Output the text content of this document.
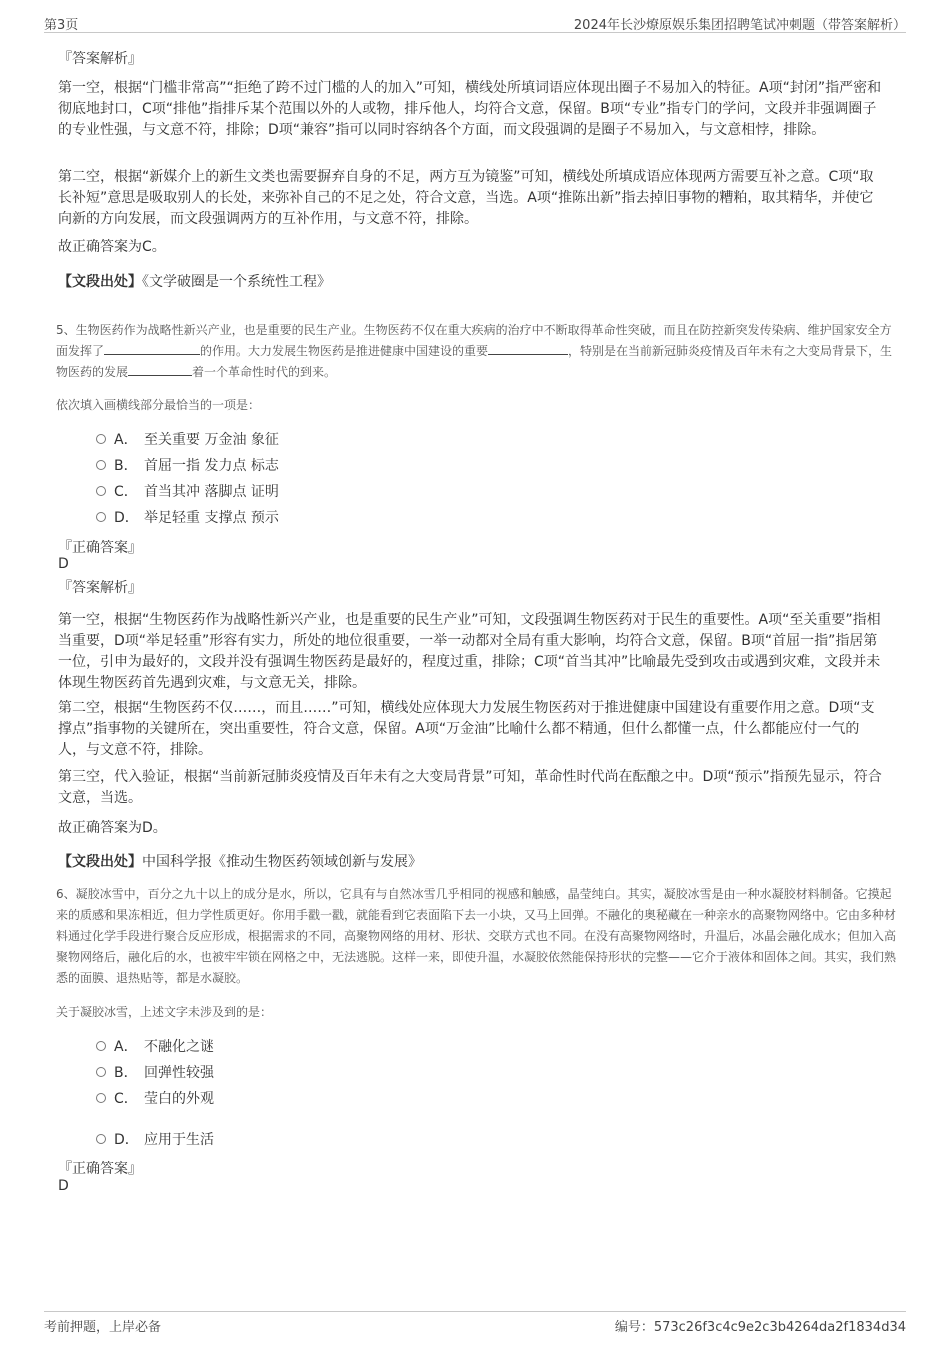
第3页	2024年长沙燎原娱乐集团招聘笔试冲刺题（带答案解析）
『答案解析』
第一空，根据“门槛非常高”“拒绝了跨不过门槛的人的加入”可知，横线处所填词语应体现出圈子不易加入的特征。A项“封闭”指严密和彻底地封口，C项“排他”指排斥某个范围以外的人或物，排斥他人，均符合文意，保留。B项“专业”指专门的学问，文段并非强调圈子的专业性强，与文意不符，排除；D项“兼容”指可以同时容纳各个方面，而文段强调的是圈子不易加入，与文意相悖，排除。
第二空，根据“新媒介上的新生文类也需要摒弃自身的不足，两方互为镜鉴”可知，横线处所填成语应体现两方需要互补之意。C项“取长补短”意思是吸取别人的长处，来弥补自己的不足之处，符合文意，当选。A项“推陈出新”指去掉旧事物的糟粕，取其精华，并使它向新的方向发展，而文段强调两方的互补作用，与文意不符，排除。
故正确答案为C。
【文段出处】《文学破圈是一个系统性工程》
5、生物医药作为战略性新兴产业，也是重要的民生产业。生物医药不仅在重大疾病的治疗中不断取得革命性突破，而且在防控新突发传染病、维护国家安全方面发挥了	的作用。大力发展生物医药是推进健康中国建设的重要	，特别是在当前新冠肺炎疫情及百年未有之大变局背景下，生物医药的发展	着一个革命性时代的到来。
依次填入画横线部分最恰当的一项是：
A． 至关重要 万金油 象征
B． 首屈一指 发力点 标志
C． 首当其冲 落脚点 证明
D． 举足轻重 支撑点 预示
『正确答案』
D
『答案解析』
第一空，根据“生物医药作为战略性新兴产业，也是重要的民生产业”可知，文段强调生物医药对于民生的重要性。A项“至关重要”指相当重要，D项“举足轻重”形容有实力，所处的地位很重要，一举一动都对全局有重大影响，均符合文意，保留。B项“首屈一指”指居第一位，引申为最好的，文段并没有强调生物医药是最好的，程度过重，排除；C项“首当其冲”比喻最先受到攻击或遇到灾难，文段并未体现生物医药首先遇到灾难，与文意无关，排除。
第二空，根据“生物医药不仅……，而且……”可知，横线处应体现大力发展生物医药对于推进健康中国建设有重要作用之意。D项“支撑点”指事物的关键所在，突出重要性，符合文意，保留。A项“万金油”比喻什么都不精通，但什么都懂一点，什么都能应付一气的人，与文意不符，排除。
第三空，代入验证，根据“当前新冠肺炎疫情及百年未有之大变局背景”可知，革命性时代尚在酝酿之中。D项“预示”指预先显示，符合文意，当选。
故正确答案为D。
【文段出处】中国科学报《推动生物医药领域创新与发展》
6、凝胶冰雪中，百分之九十以上的成分是水，所以，它具有与自然冰雪几乎相同的视感和触感，晶莹纯白。其实，凝胶冰雪是由一种水凝胶材料制备。它摸起来的质感和果冻相近，但力学性质更好。你用手戳一戳，就能看到它表面陷下去一小块，又马上回弹。不融化的奥秘藏在一种亲水的高聚物网络中。它由多种材料通过化学手段进行聚合反应形成，根据需求的不同，高聚物网络的用材、形状、交联方式也不同。在没有高聚物网络时，升温后，冰晶会融化成水；但加入高聚物网络后，融化后的水，也被牢牢锁在网格之中，无法逃脱。这样一来，即使升温，水凝胶依然能保持形状的完整——它介于液体和固体之间。其实，我们熟悉的面膜、退热贴等，都是水凝胶。
关于凝胶冰雪，上述文字未涉及到的是：
A． 不融化之谜
B． 回弹性较强
C． 莹白的外观
D． 应用于生活
『正确答案』
D
考前押题，上岸必备	编号：573c26f3c4c9e2c3b4264da2f1834d34
